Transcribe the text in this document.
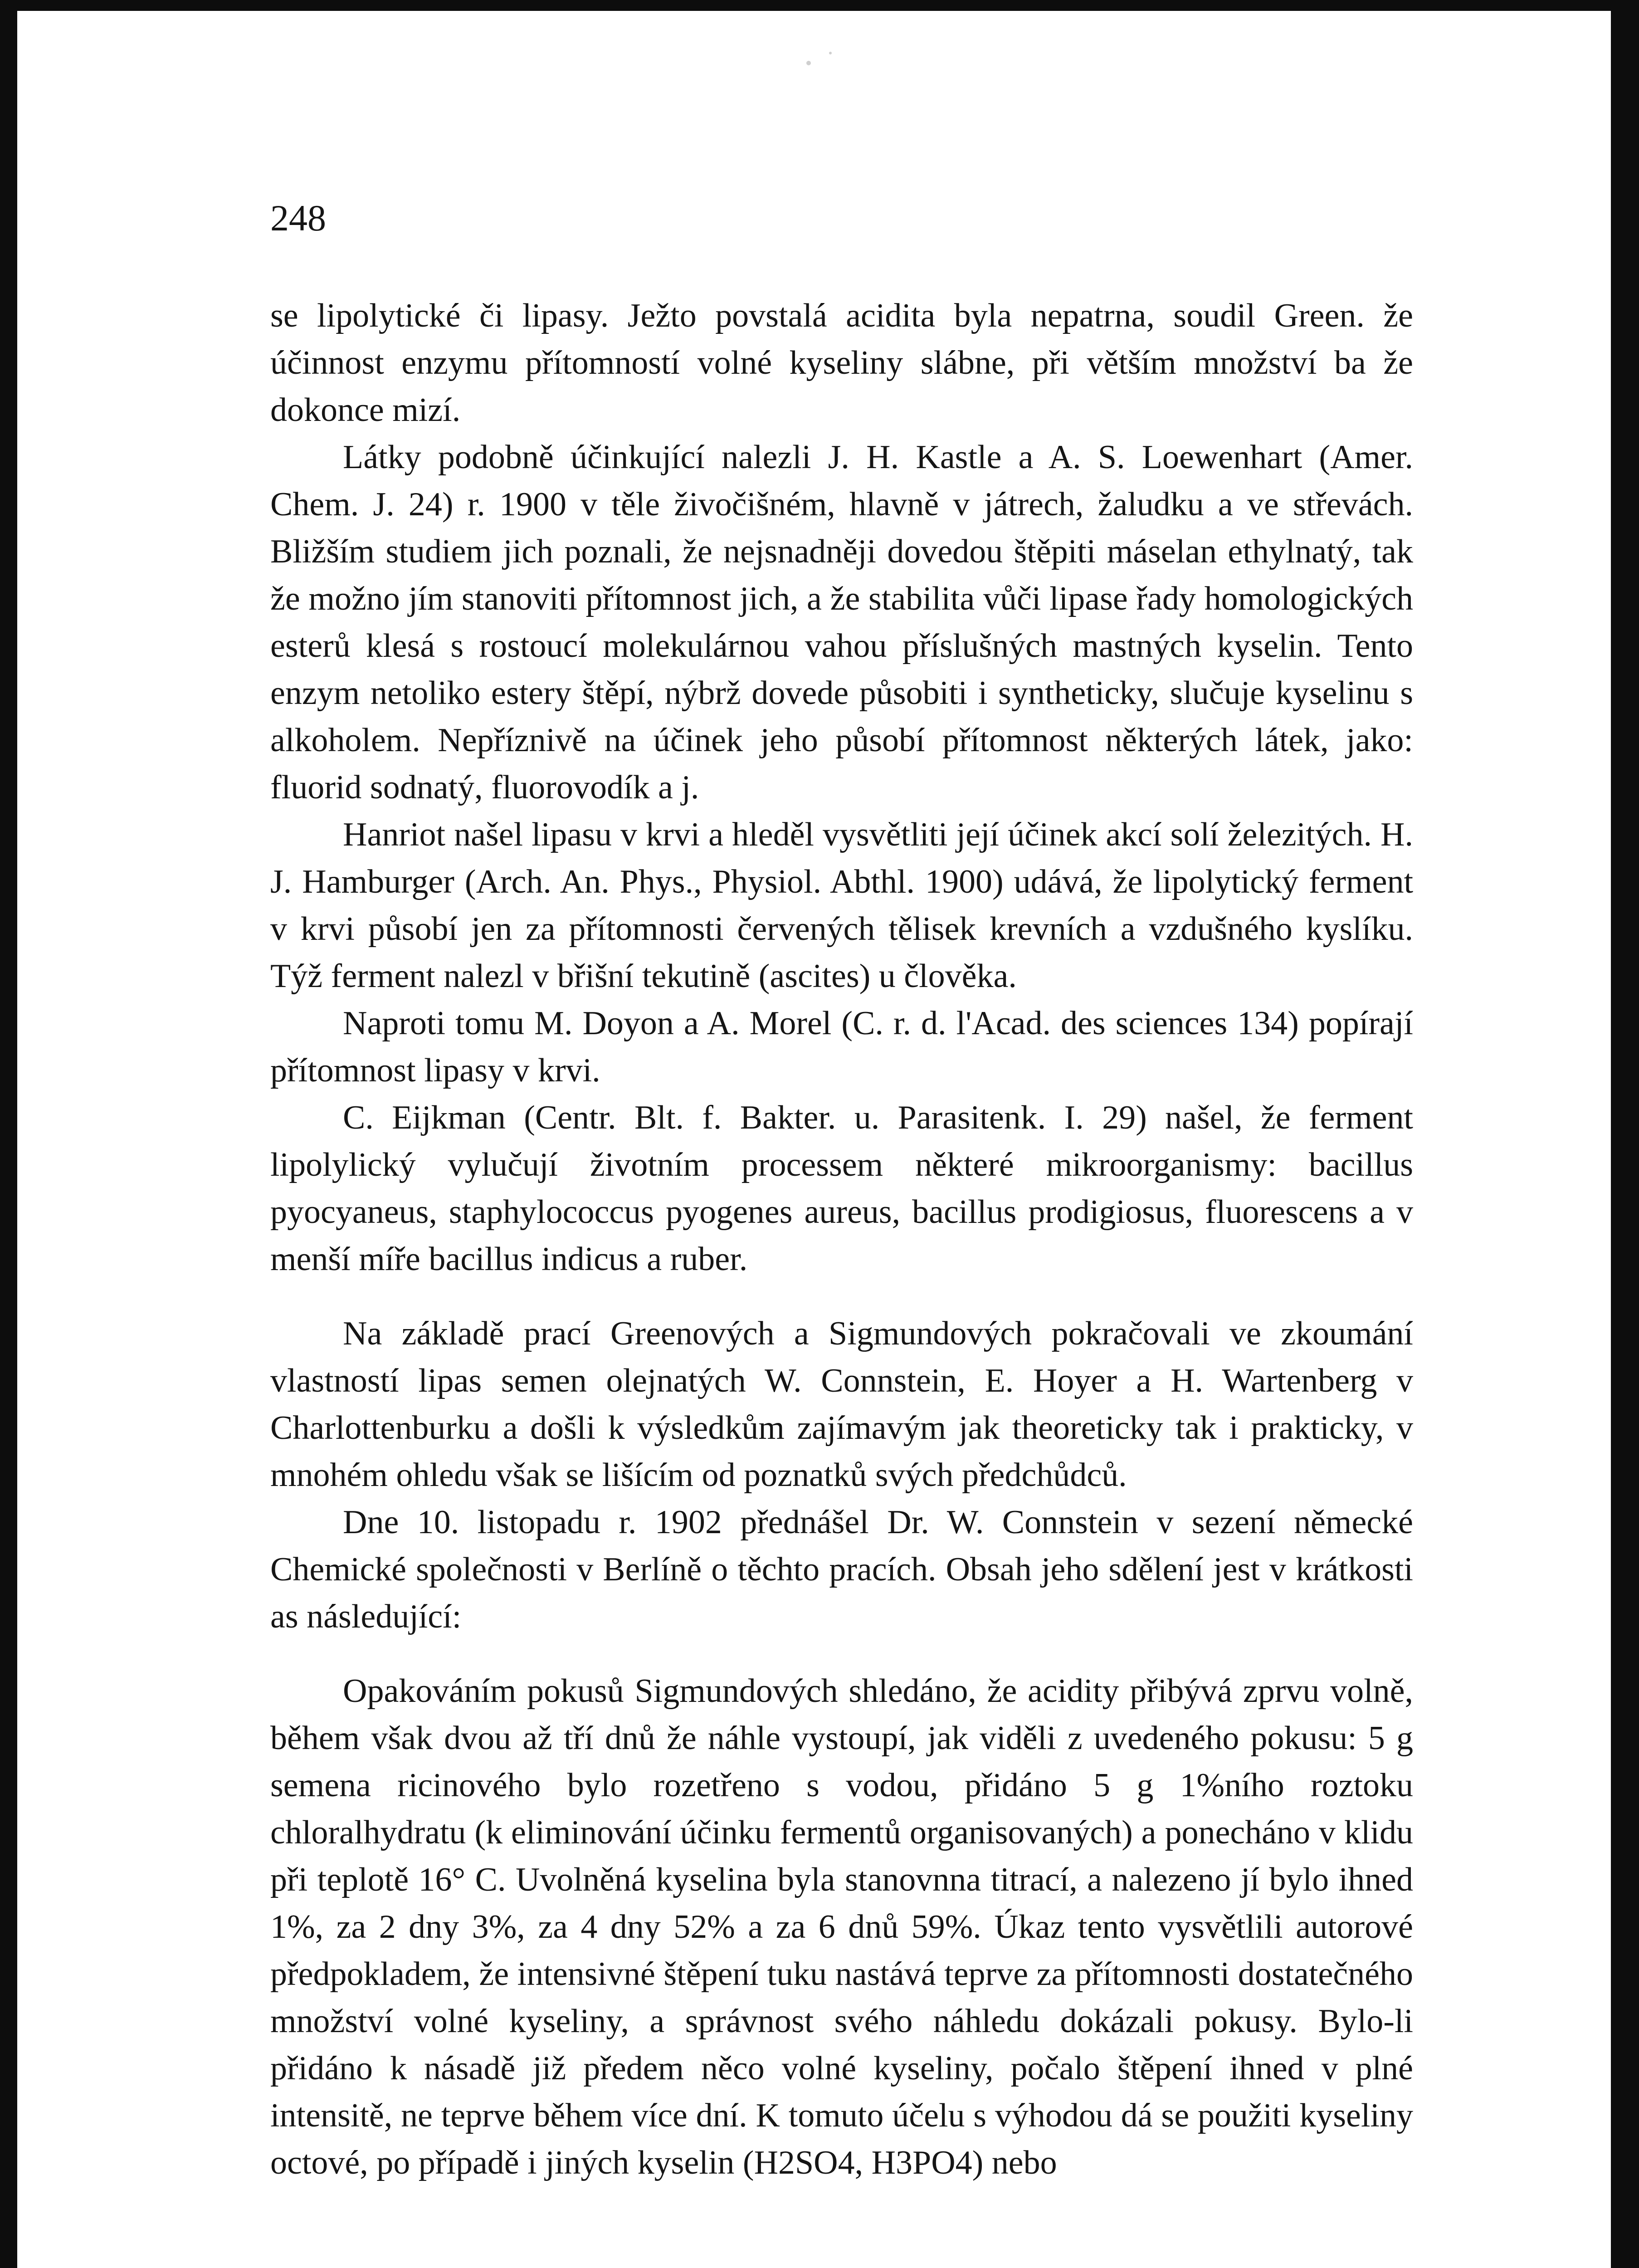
248

se lipolytické či lipasy. Ježto povstalá acidita byla nepatrna, soudil Green. že účinnost enzymu přítomností volné kyseliny slábne, při větším množství ba že dokonce mizí.

Látky podobně účinkující nalezli J. H. Kastle a A. S. Loewenhart (Amer. Chem. J. 24) r. 1900 v těle živočišném, hlavně v játrech, žaludku a ve střevách. Bližším studiem jich poznali, že nejsnadněji dovedou štěpiti máselan ethylnatý, tak že možno jím stanoviti přítomnost jich, a že stabilita vůči lipase řady homologických esterů klesá s rostoucí molekulárnou vahou příslušných mastných kyselin. Tento enzym netoliko estery štěpí, nýbrž dovede působiti i syntheticky, slučuje kyselinu s alkoholem. Nepříznivě na účinek jeho působí přítomnost některých látek, jako: fluorid sodnatý, fluorovodík a j.

Hanriot našel lipasu v krvi a hleděl vysvětliti její účinek akcí solí železitých. H. J. Hamburger (Arch. An. Phys., Physiol. Abthl. 1900) udává, že lipolytický ferment v krvi působí jen za přítomnosti červených tělisek krevních a vzdušného kyslíku. Týž ferment nalezl v břišní tekutině (ascites) u člověka.

Naproti tomu M. Doyon a A. Morel (C. r. d. l'Acad. des sciences 134) popírají přítomnost lipasy v krvi.

C. Eijkman (Centr. Blt. f. Bakter. u. Parasitenk. I. 29) našel, že ferment lipolylický vylučují životním processem některé mikroorganismy: bacillus pyocyaneus, staphylococcus pyogenes aureus, bacillus prodigiosus, fluorescens a v menší míře bacillus indicus a ruber.

Na základě prací Greenových a Sigmundových pokračovali ve zkoumání vlastností lipas semen olejnatých W. Connstein, E. Hoyer a H. Wartenberg v Charlottenburku a došli k výsledkům zajímavým jak theoreticky tak i prakticky, v mnohém ohledu však se lišícím od poznatků svých předchůdců.

Dne 10. listopadu r. 1902 přednášel Dr. W. Connstein v sezení německé Chemické společnosti v Berlíně o těchto pracích. Obsah jeho sdělení jest v krátkosti as následující:

Opakováním pokusů Sigmundových shledáno, že acidity přibývá zprvu volně, během však dvou až tří dnů že náhle vystoupí, jak viděli z uvedeného pokusu: 5 g semena ricinového bylo rozetřeno s vodou, přidáno 5 g 1%ního roztoku chloralhydratu (k eliminování účinku fermentů organisovaných) a ponecháno v klidu při teplotě 16° C. Uvolněná kyselina byla stanovnna titrací, a nalezeno jí bylo ihned 1%, za 2 dny 3%, za 4 dny 52% a za 6 dnů 59%. Úkaz tento vysvětlili autorové předpokladem, že intensivné štěpení tuku nastává teprve za přítomnosti dostatečného množství volné kyseliny, a správnost svého náhledu dokázali pokusy. Bylo-li přidáno k násadě již předem něco volné kyseliny, počalo štěpení ihned v plné intensitě, ne teprve během více dní. K tomuto účelu s výhodou dá se použiti kyseliny octové, po případě i jiných kyselin (H2SO4, H3PO4) nebo
